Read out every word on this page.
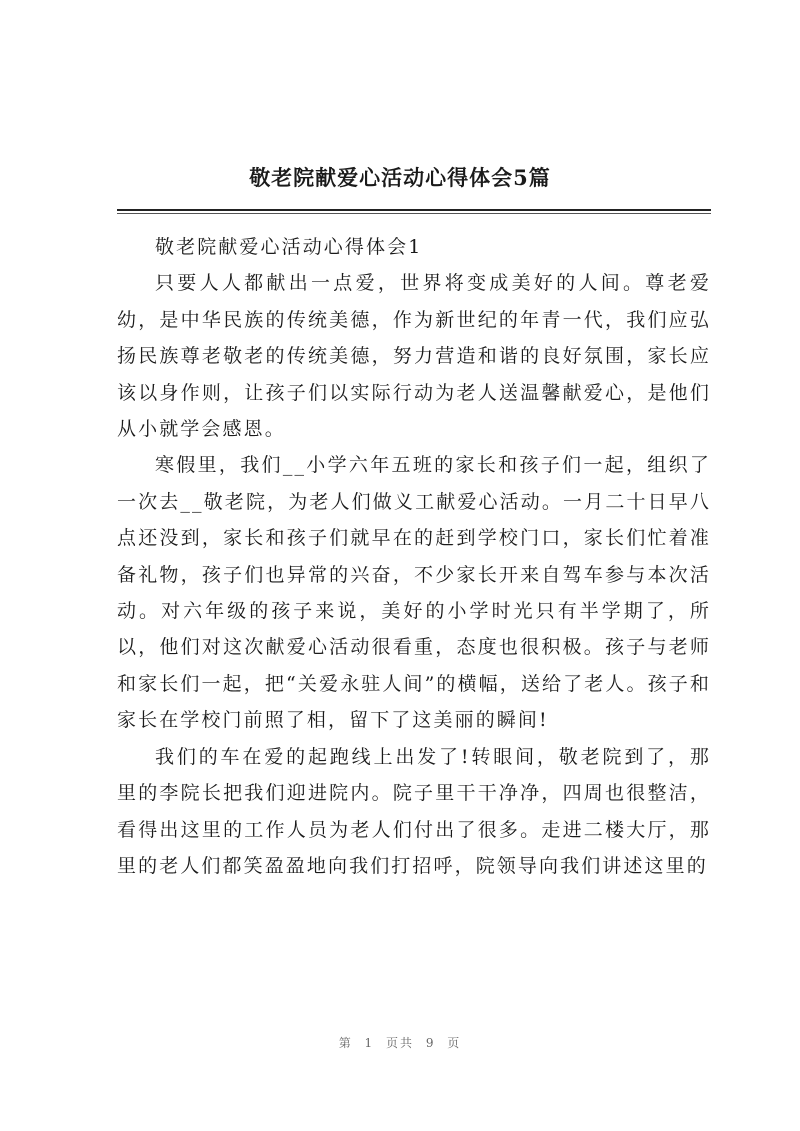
敬老院献爱心活动心得体会5篇

敬老院献爱心活动心得体会1

只要人人都献出一点爱，世界将变成美好的人间。尊老爱幼，是中华民族的传统美德，作为新世纪的年青一代，我们应弘扬民族尊老敬老的传统美德，努力营造和谐的良好氛围，家长应该以身作则，让孩子们以实际行动为老人送温馨献爱心，是他们从小就学会感恩。

寒假里，我们__小学六年五班的家长和孩子们一起，组织了一次去__敬老院，为老人们做义工献爱心活动。一月二十日早八点还没到，家长和孩子们就早在的赶到学校门口，家长们忙着准备礼物，孩子们也异常的兴奋，不少家长开来自驾车参与本次活动。对六年级的孩子来说，美好的小学时光只有半学期了，所以，他们对这次献爱心活动很看重，态度也很积极。孩子与老师和家长们一起，把“关爱永驻人间”的横幅，送给了老人。孩子和家长在学校门前照了相，留下了这美丽的瞬间!

我们的车在爱的起跑线上出发了!转眼间，敬老院到了，那里的李院长把我们迎进院内。院子里干干净净，四周也很整洁，看得出这里的工作人员为老人们付出了很多。走进二楼大厅，那里的老人们都笑盈盈地向我们打招呼，院领导向我们讲述这里的

第 1 页共 9 页
